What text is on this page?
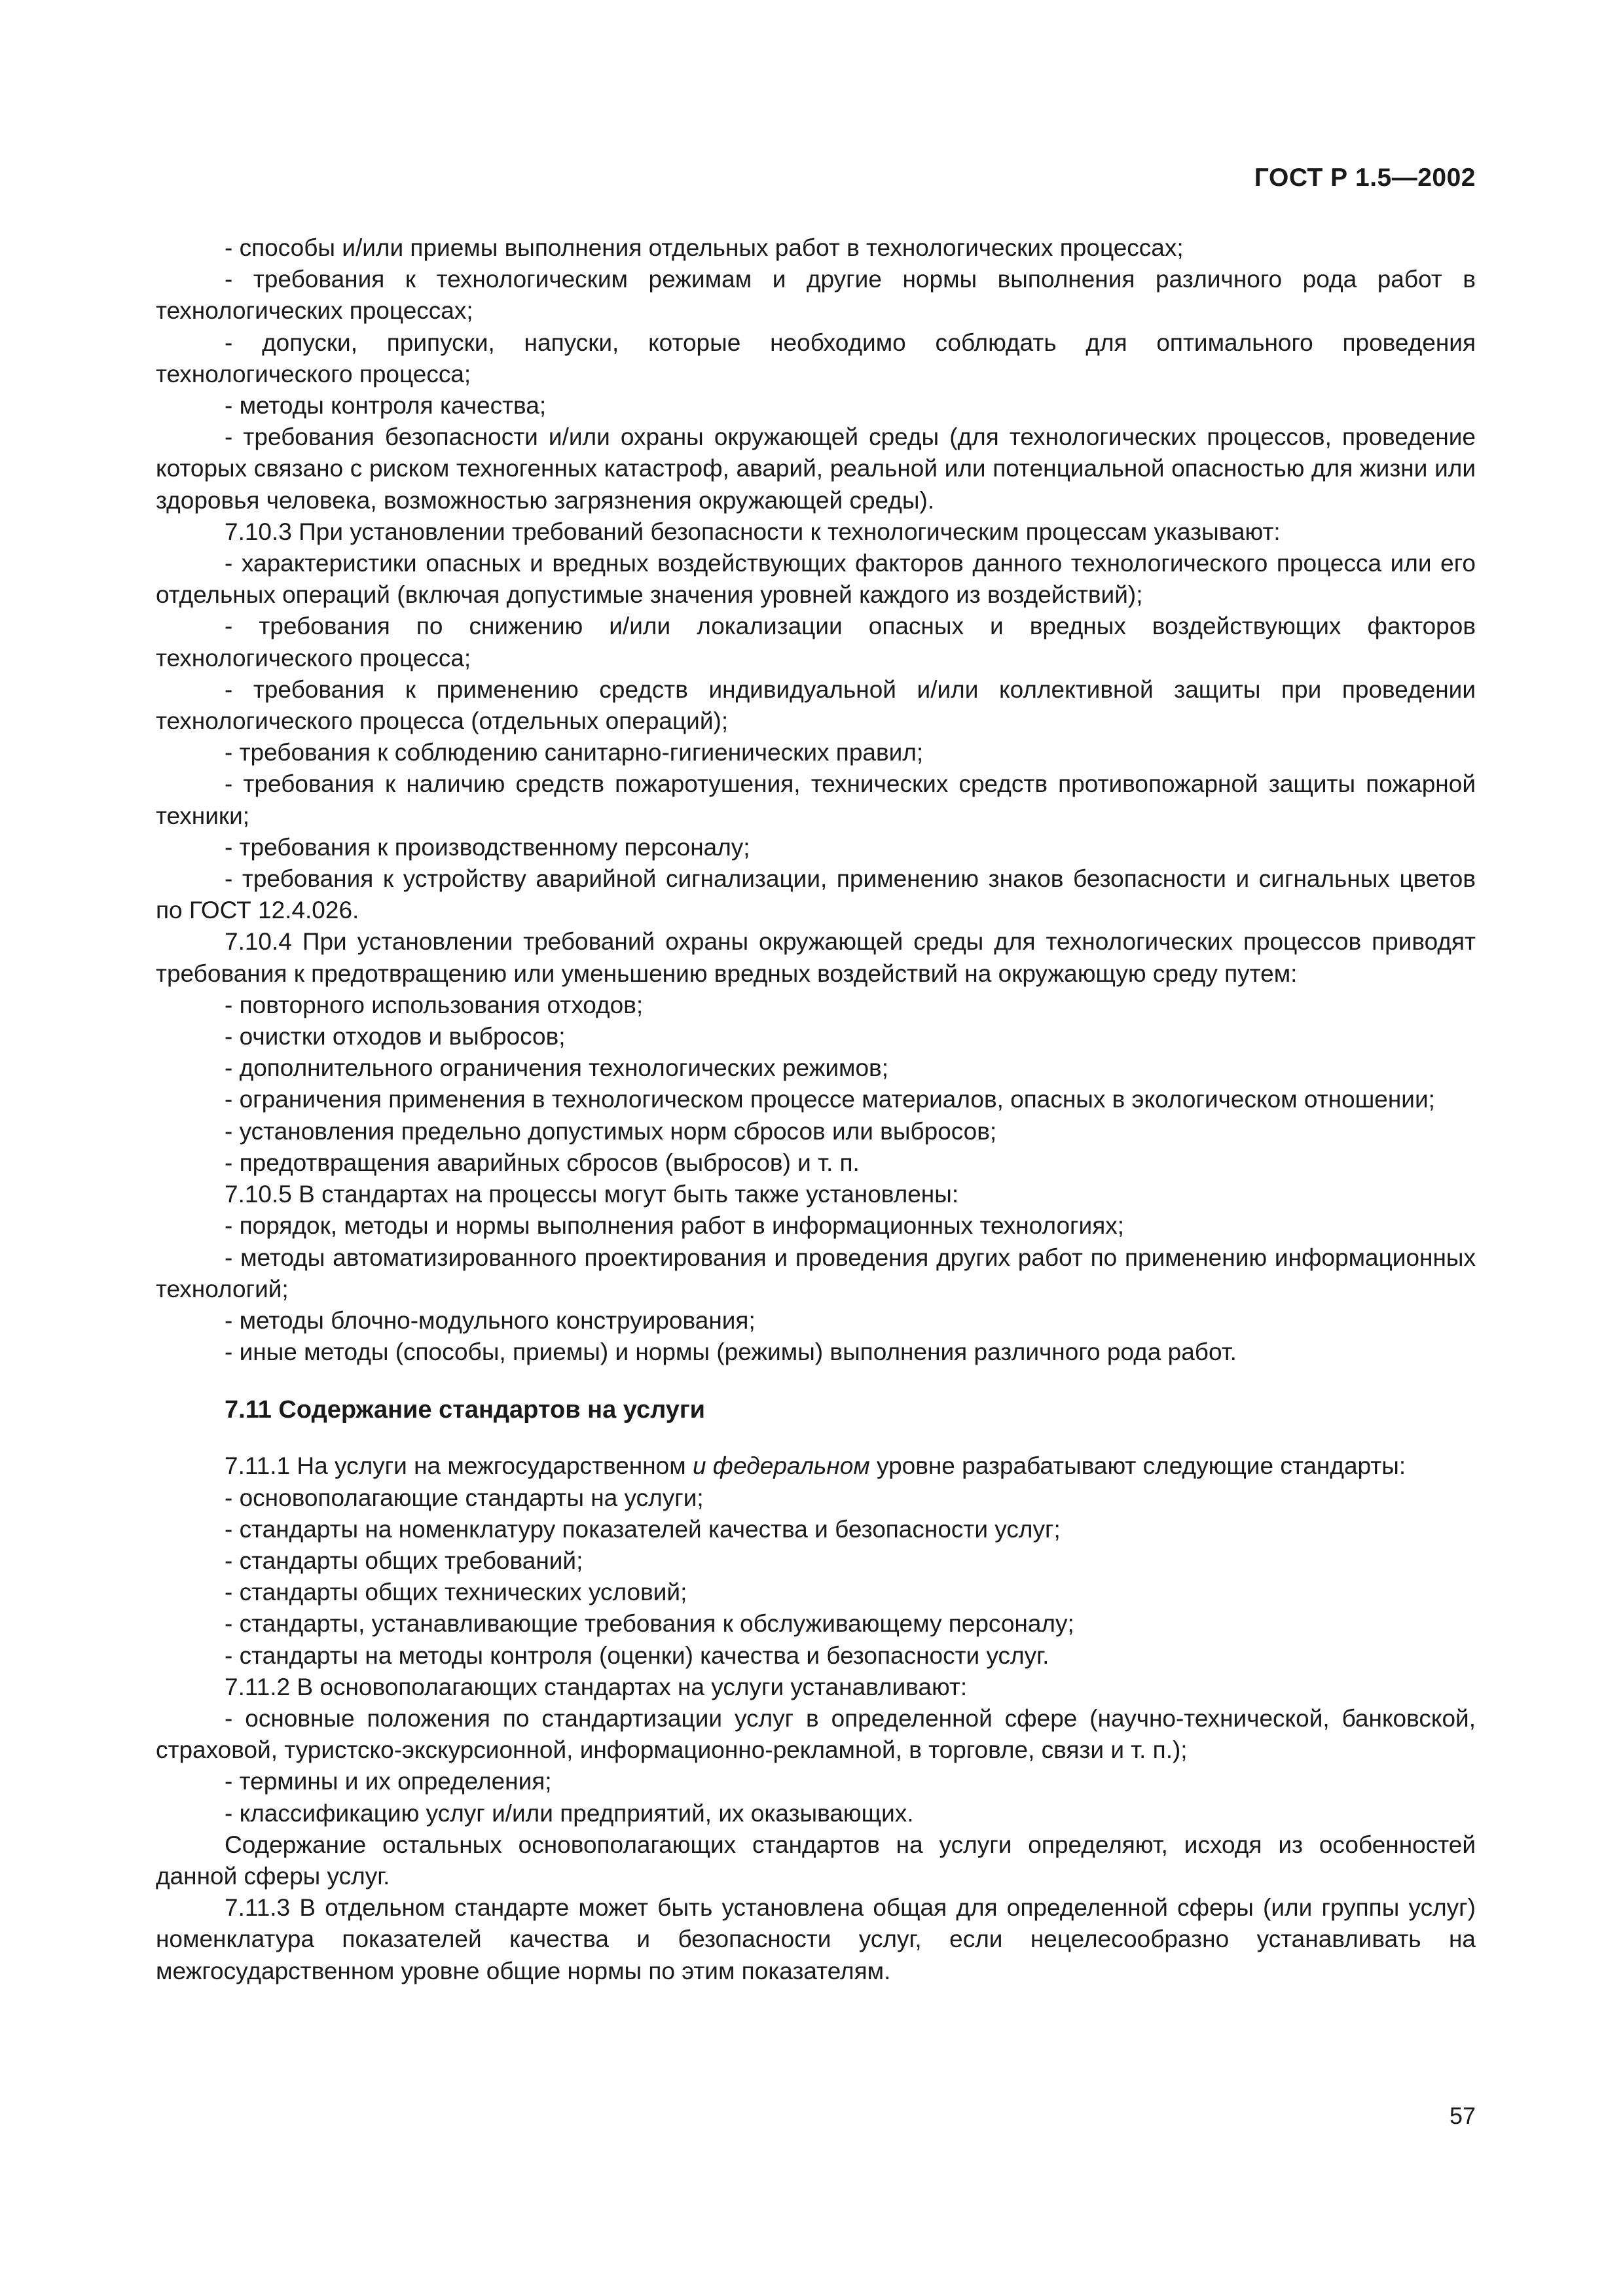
ГОСТ Р 1.5—2002

- способы и/или приемы выполнения отдельных работ в технологических процессах;

- требования к технологическим режимам и другие нормы выполнения различного рода работ в технологических процессах;

- допуски, припуски, напуски, которые необходимо соблюдать для оптимального проведения технологического процесса;

- методы контроля качества;

- требования безопасности и/или охраны окружающей среды (для технологических процессов, проведение которых связано с риском техногенных катастроф, аварий, реальной или потенциальной опасностью для жизни или здоровья человека, возможностью загрязнения окружающей среды).

7.10.3 При установлении требований безопасности к технологическим процессам указывают:

- характеристики опасных и вредных воздействующих факторов данного технологического процесса или его отдельных операций (включая допустимые значения уровней каждого из воздействий);

- требования по снижению и/или локализации опасных и вредных воздействующих факторов технологического процесса;

- требования к применению средств индивидуальной и/или коллективной защиты при проведении технологического процесса (отдельных операций);

- требования к соблюдению санитарно-гигиенических правил;

- требования к наличию средств пожаротушения, технических средств противопожарной защиты пожарной техники;

- требования к производственному персоналу;

- требования к устройству аварийной сигнализации, применению знаков безопасности и сигнальных цветов по ГОСТ 12.4.026.

7.10.4 При установлении требований охраны окружающей среды для технологических процессов приводят требования к предотвращению или уменьшению вредных воздействий на окружающую среду путем:

- повторного использования отходов;

- очистки отходов и выбросов;

- дополнительного ограничения технологических режимов;

- ограничения применения в технологическом процессе материалов, опасных в экологическом отношении;

- установления предельно допустимых норм сбросов или выбросов;

- предотвращения аварийных сбросов (выбросов) и т. п.

7.10.5 В стандартах на процессы могут быть также установлены:

- порядок, методы и нормы выполнения работ в информационных технологиях;

- методы автоматизированного проектирования и проведения других работ по применению информационных технологий;

- методы блочно-модульного конструирования;

- иные методы (способы, приемы) и нормы (режимы) выполнения различного рода работ.

7.11 Содержание стандартов на услуги

7.11.1 На услуги на межгосударственном и федеральном уровне разрабатывают следующие стандарты:

- основополагающие стандарты на услуги;

- стандарты на номенклатуру показателей качества и безопасности услуг;

- стандарты общих требований;

- стандарты общих технических условий;

- стандарты, устанавливающие требования к обслуживающему персоналу;

- стандарты на методы контроля (оценки) качества и безопасности услуг.

7.11.2 В основополагающих стандартах на услуги устанавливают:

- основные положения по стандартизации услуг в определенной сфере (научно-технической, банковской, страховой, туристско-экскурсионной, информационно-рекламной, в торговле, связи и т. п.);

- термины и их определения;

- классификацию услуг и/или предприятий, их оказывающих.

Содержание остальных основополагающих стандартов на услуги определяют, исходя из особенностей данной сферы услуг.

7.11.3 В отдельном стандарте может быть установлена общая для определенной сферы (или группы услуг) номенклатура показателей качества и безопасности услуг, если нецелесообразно устанавливать на межгосударственном уровне общие нормы по этим показателям.

57
